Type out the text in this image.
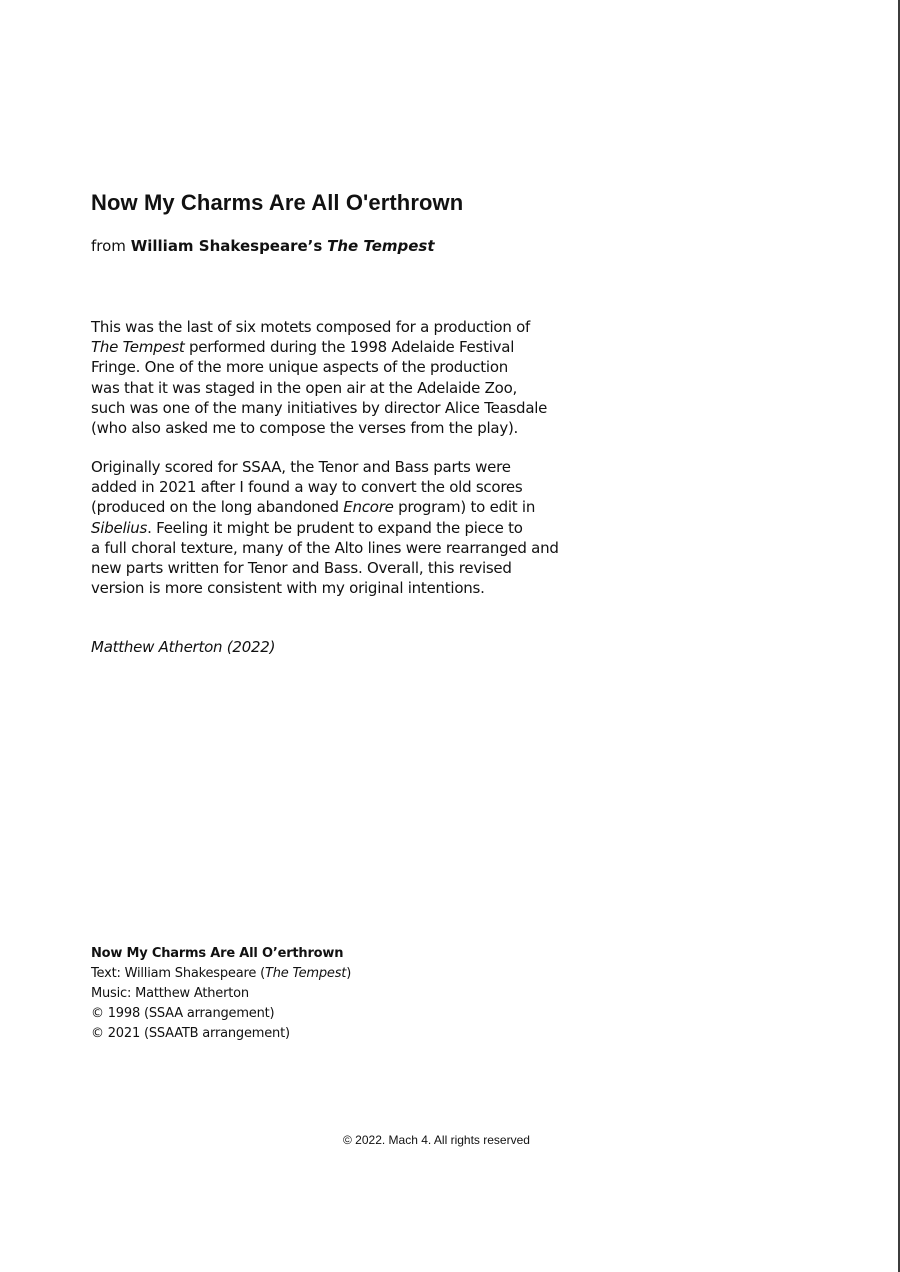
Now My Charms Are All O'erthrown

from William Shakespeare’s The Tempest

This was the last of six motets composed for a production of
The Tempest performed during the 1998 Adelaide Festival
Fringe. One of the more unique aspects of the production
was that it was staged in the open air at the Adelaide Zoo,
such was one of the many initiatives by director Alice Teasdale
(who also asked me to compose the verses from the play).

Originally scored for SSAA, the Tenor and Bass parts were
added in 2021 after I found a way to convert the old scores
(produced on the long abandoned Encore program) to edit in
Sibelius. Feeling it might be prudent to expand the piece to
a full choral texture, many of the Alto lines were rearranged and
new parts written for Tenor and Bass. Overall, this revised
version is more consistent with my original intentions.

Matthew Atherton (2022)

Now My Charms Are All O’erthrown
Text: William Shakespeare (The Tempest)
Music: Matthew Atherton
© 1998 (SSAA arrangement)
© 2021 (SSAATB arrangement)

© 2022. Mach 4. All rights reserved
